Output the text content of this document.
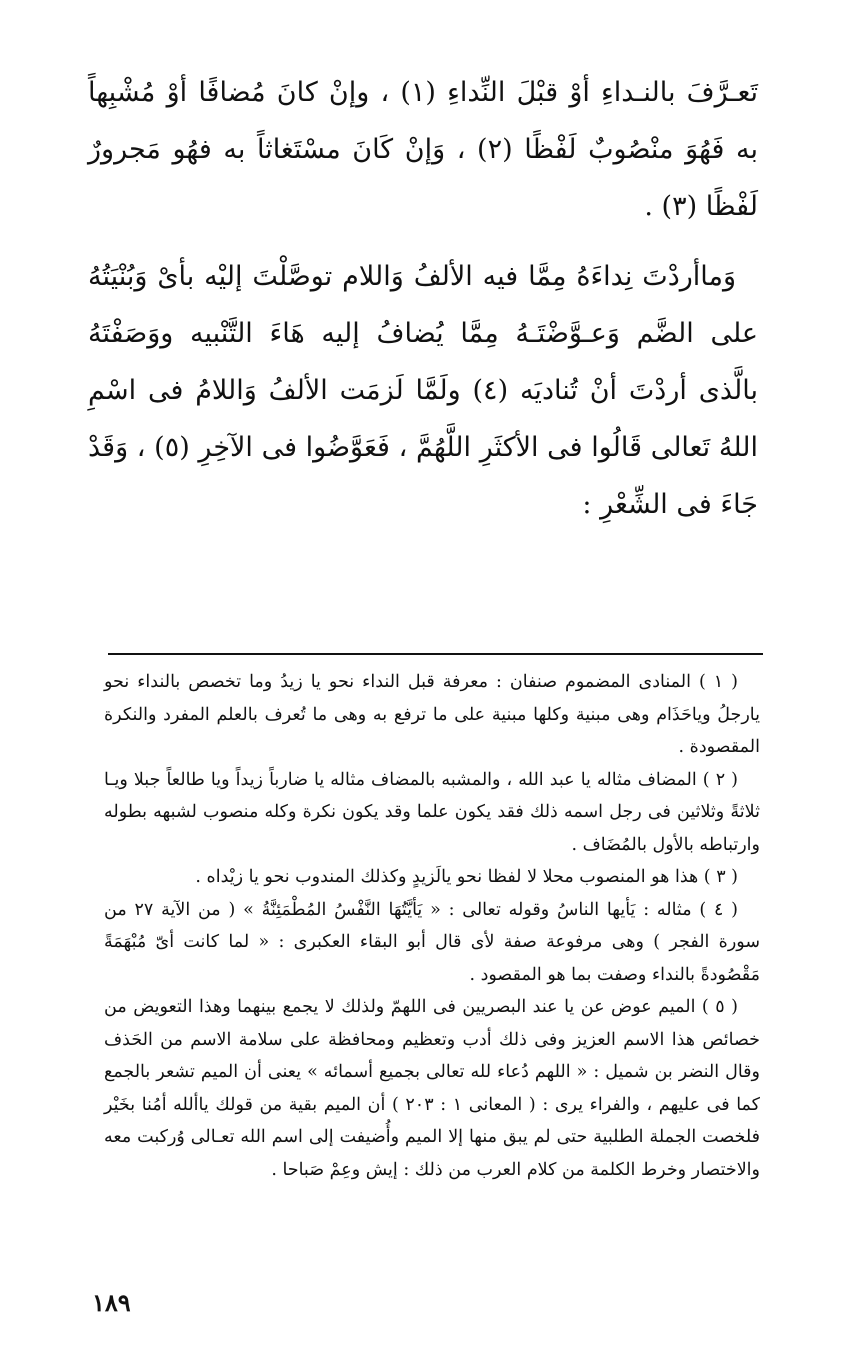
تَعـرَّفَ بالنـداءِ أوْ قبْلَ النِّداءِ (١) ، وإنْ كانَ مُضافًا أوْ مُشْبِهاً به فَهُوَ منْصُوبٌ لَفْظًا (٢) ، وَإنْ كَانَ مسْتَغاثاً به فهُو مَجرورٌ لَفْظًا (٣) .

وَماأردْتَ نِداءَهُ مِمَّا فيه الألفُ وَاللام توصَّلْتَ إليْه بأىْ وَبُنْيَتُهُ على الضَّم وَعـوَّضْتَـهُ مِمَّا يُضافُ إليه هَاءَ التَّنْبيه ووَصَفْتَهُ بالَّذى أردْتَ أنْ تُناديَه (٤) ولَمَّا لَزمَت الألفُ وَاللامُ فى اسْمِ اللهُ تَعالى قَالُوا فى الأكثَرِ اللَّهُمَّ ، فَعَوَّضُوا فى الآخِرِ (٥) ، وَقَدْ جَاءَ فى الشِّعْرِ :

( ١ ) المنادى المضموم صنفان : معرفة قبل النداء نحو يا زيدُ وما تخصص بالنداء نحو يارجلُ وياحَذَام وهى مبنية وكلها مبنية على ما ترفع به وهى ما تُعرف بالعلم المفرد والنكرة المقصودة .

( ٢ ) المضاف مثاله يا عبد الله ، والمشبه بالمضاف مثاله يا ضارباً زيداً ويا طالعاً جبلا ويـا ثلاثةً وثلاثين فى رجل اسمه ذلك فقد يكون علما وقد يكون نكرة وكله منصوب لشبهه بطوله وارتباطه بالأول بالمُضَاف .

( ٣ ) هذا هو المنصوب محلا لا لفظا نحو يالَزيدٍ وكذلك المندوب نحو يا زيْداه .

( ٤ ) مثاله : يَأيها الناسُ وقوله تعالى : « يَأيَّتُهَا النَّفْسُ المُطْمَئِنَّةُ » ( من الآية ٢٧ من سورة الفجر ) وهى مرفوعة صفة لأى قال أبو البقاء العكبرى : « لما كانت أىّ مُبْهَمَةً مَقْصُودةً بالنداء وصفت بما هو المقصود .

( ٥ ) الميم عوض عن يا عند البصريين فى اللهمّ ولذلك لا يجمع بينهما وهذا التعويض من خصائص هذا الاسم العزيز وفى ذلك أدب وتعظيم ومحافظة على سلامة الاسم من الحَذف وقال النضر بن شميل : « اللهم دُعاء لله تعالى بجميع أسمائه » يعنى أن الميم تشعر بالجمع كما فى عليهم ، والفراء يرى : ( المعانى ١ : ٢٠٣ ) أن الميم بقية من قولك ياألله أمُنا بخَيْر فلخصت الجملة الطلبية حتى لم يبق منها إلا الميم وأُضيفت إلى اسم الله تعـالى وُركبت معه والاختصار وخرط الكلمة من كلام العرب من ذلك : إيش وعِمْ صَباحا .

١٨٩
